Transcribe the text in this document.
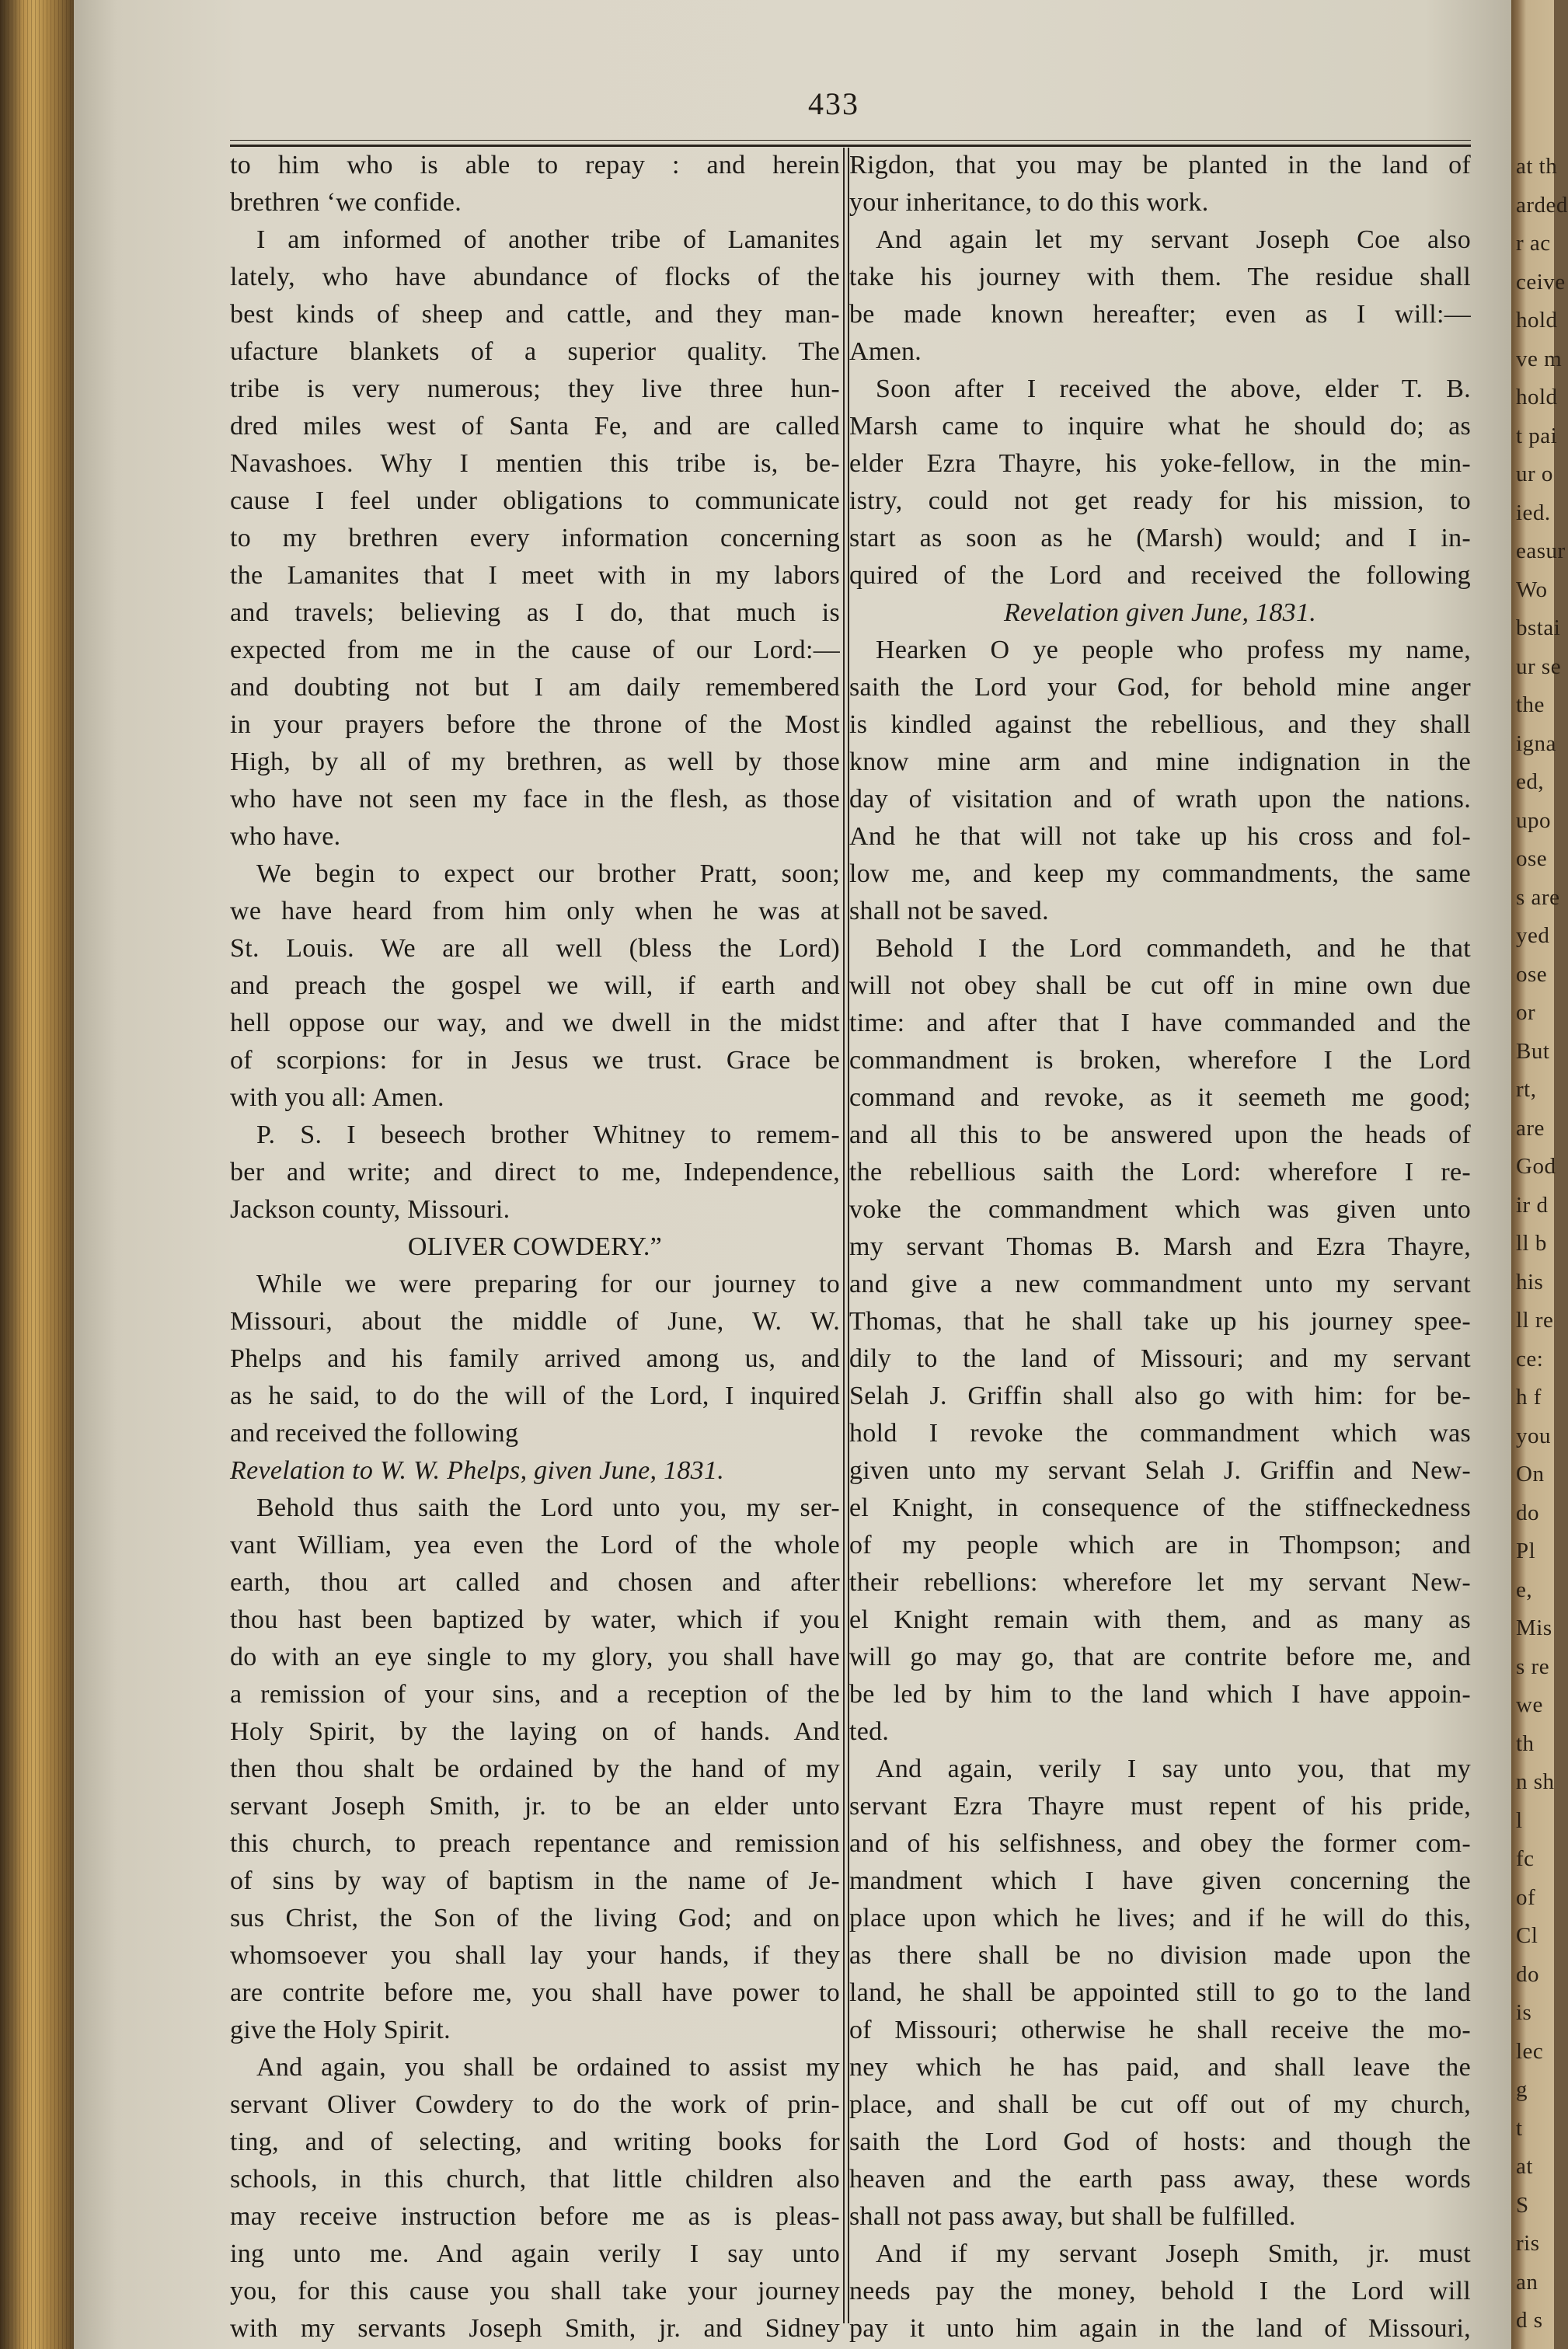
433
to him who is able to repay : and herein
brethren ʻwe confide.
I am informed of another tribe of Lamanites
lately, who have abundance of flocks of the
best kinds of sheep and cattle, and they man-
ufacture blankets of a superior quality. The
tribe is very numerous; they live three hun-
dred miles west of Santa Fe, and are called
Navashoes. Why I mentien this tribe is, be-
cause I feel under obligations to communicate
to my brethren every information concerning
the Lamanites that I meet with in my labors
and travels; believing as I do, that much is
expected from me in the cause of our Lord:—
and doubting not but I am daily remembered
in your prayers before the throne of the Most
High, by all of my brethren, as well by those
who have not seen my face in the flesh, as those
who have.
We begin to expect our brother Pratt, soon;
we have heard from him only when he was at
St. Louis. We are all well (bless the Lord)
and preach the gospel we will, if earth and
hell oppose our way, and we dwell in the midst
of scorpions: for in Jesus we trust. Grace be
with you all: Amen.
P. S. I beseech brother Whitney to remem-
ber and write; and direct to me, Independence,
Jackson county, Missouri.
OLIVER COWDERY.”
While we were preparing for our journey to
Missouri, about the middle of June, W. W.
Phelps and his family arrived among us, and
as he said, to do the will of the Lord, I inquired
and received the following
Revelation to W. W. Phelps, given June, 1831.
Behold thus saith the Lord unto you, my ser-
vant William, yea even the Lord of the whole
earth, thou art called and chosen and after
thou hast been baptized by water, which if you
do with an eye single to my glory, you shall have
a remission of your sins, and a reception of the
Holy Spirit, by the laying on of hands. And
then thou shalt be ordained by the hand of my
servant Joseph Smith, jr. to be an elder unto
this church, to preach repentance and remission
of sins by way of baptism in the name of Je-
sus Christ, the Son of the living God; and on
whomsoever you shall lay your hands, if they
are contrite before me, you shall have power to
give the Holy Spirit.
And again, you shall be ordained to assist my
servant Oliver Cowdery to do the work of prin-
ting, and of selecting, and writing books for
schools, in this church, that little children also
may receive instruction before me as is pleas-
ing unto me. And again verily I say unto
you, for this cause you shall take your journey
with my servants Joseph Smith, jr. and Sidney
Rigdon, that you may be planted in the land of
your inheritance, to do this work.
And again let my servant Joseph Coe also
take his journey with them. The residue shall
be made known hereafter; even as I will:—
Amen.
Soon after I received the above, elder T. B.
Marsh came to inquire what he should do; as
elder Ezra Thayre, his yoke-fellow, in the min-
istry, could not get ready for his mission, to
start as soon as he (Marsh) would; and I in-
quired of the Lord and received the following
Revelation given June, 1831.
Hearken O ye people who profess my name,
saith the Lord your God, for behold mine anger
is kindled against the rebellious, and they shall
know mine arm and mine indignation in the
day of visitation and of wrath upon the nations.
And he that will not take up his cross and fol-
low me, and keep my commandments, the same
shall not be saved.
Behold I the Lord commandeth, and he that
will not obey shall be cut off in mine own due
time: and after that I have commanded and the
commandment is broken, wherefore I the Lord
command and revoke, as it seemeth me good;
and all this to be answered upon the heads of
the rebellious saith the Lord: wherefore I re-
voke the commandment which was given unto
my servant Thomas B. Marsh and Ezra Thayre,
and give a new commandment unto my servant
Thomas, that he shall take up his journey spee-
dily to the land of Missouri; and my servant
Selah J. Griffin shall also go with him: for be-
hold I revoke the commandment which was
given unto my servant Selah J. Griffin and New-
el Knight, in consequence of the stiffneckedness
of my people which are in Thompson; and
their rebellions: wherefore let my servant New-
el Knight remain with them, and as many as
will go may go, that are contrite before me, and
be led by him to the land which I have appoin-
ted.
And again, verily I say unto you, that my
servant Ezra Thayre must repent of his pride,
and of his selfishness, and obey the former com-
mandment which I have given concerning the
place upon which he lives; and if he will do this,
as there shall be no division made upon the
land, he shall be appointed still to go to the land
of Missouri; otherwise he shall receive the mo-
ney which he has paid, and shall leave the
place, and shall be cut off out of my church,
saith the Lord God of hosts: and though the
heaven and the earth pass away, these words
shall not pass away, but shall be fulfilled.
And if my servant Joseph Smith, jr. must
needs pay the money, behold I the Lord will
pay it unto him again in the land of Missouri,
at th
arded
r ac
ceive
hold
ve m
hold
t pai
ur o
ied.
easur
Wo
bstai
ur se
the
igna
ed,
upo
ose
s are
yed
ose
or
But
rt,
are
God
ir d
ll b
his
ll re
ce:
h f
you
On
do
Pl
e,
Mis
s re
we
th
n sh
l
fc
of
Cl
do
is
lec
g
t
at
S
ris
an
d s
